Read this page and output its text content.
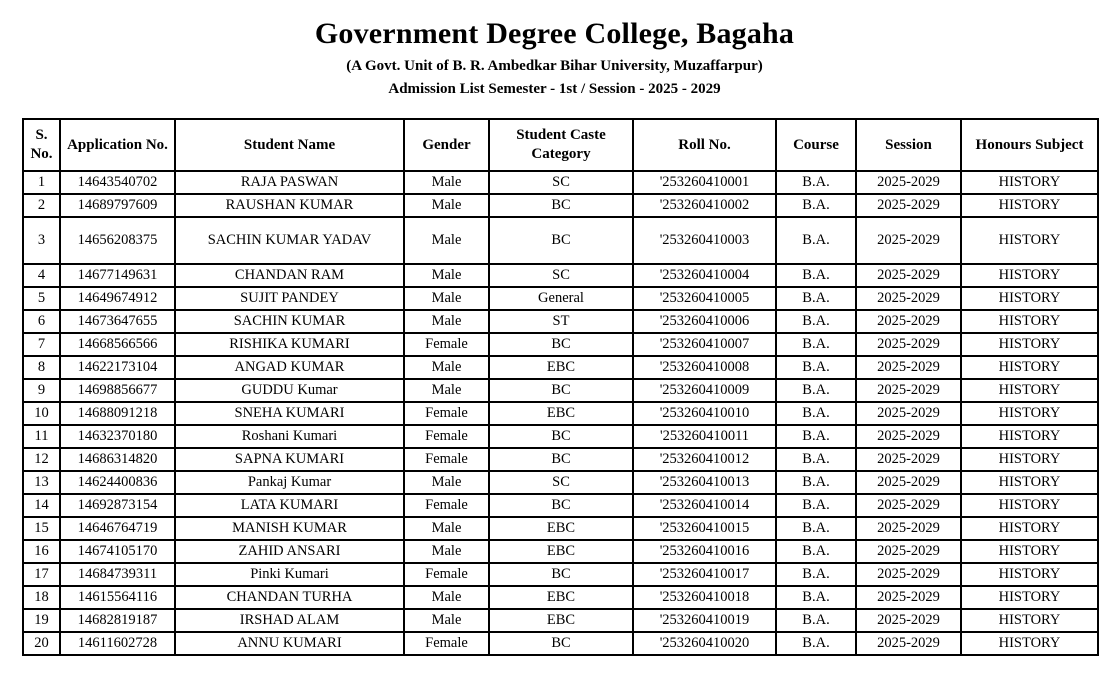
Government Degree College, Bagaha
(A Govt. Unit of B. R. Ambedkar Bihar University, Muzaffarpur)
Admission List Semester - 1st / Session - 2025 - 2029
S. No.	Application No.	Student Name	Gender	Student Caste Category	Roll No.	Course	Session	Honours Subject
1	14643540702	RAJA PASWAN	Male	SC	'253260410001	B.A.	2025-2029	HISTORY
2	14689797609	RAUSHAN KUMAR	Male	BC	'253260410002	B.A.	2025-2029	HISTORY
3	14656208375	SACHIN KUMAR YADAV	Male	BC	'253260410003	B.A.	2025-2029	HISTORY
4	14677149631	CHANDAN RAM	Male	SC	'253260410004	B.A.	2025-2029	HISTORY
5	14649674912	SUJIT PANDEY	Male	General	'253260410005	B.A.	2025-2029	HISTORY
6	14673647655	SACHIN KUMAR	Male	ST	'253260410006	B.A.	2025-2029	HISTORY
7	14668566566	RISHIKA KUMARI	Female	BC	'253260410007	B.A.	2025-2029	HISTORY
8	14622173104	ANGAD KUMAR	Male	EBC	'253260410008	B.A.	2025-2029	HISTORY
9	14698856677	GUDDU Kumar	Male	BC	'253260410009	B.A.	2025-2029	HISTORY
10	14688091218	SNEHA KUMARI	Female	EBC	'253260410010	B.A.	2025-2029	HISTORY
11	14632370180	Roshani Kumari	Female	BC	'253260410011	B.A.	2025-2029	HISTORY
12	14686314820	SAPNA KUMARI	Female	BC	'253260410012	B.A.	2025-2029	HISTORY
13	14624400836	Pankaj Kumar	Male	SC	'253260410013	B.A.	2025-2029	HISTORY
14	14692873154	LATA KUMARI	Female	BC	'253260410014	B.A.	2025-2029	HISTORY
15	14646764719	MANISH KUMAR	Male	EBC	'253260410015	B.A.	2025-2029	HISTORY
16	14674105170	ZAHID ANSARI	Male	EBC	'253260410016	B.A.	2025-2029	HISTORY
17	14684739311	Pinki Kumari	Female	BC	'253260410017	B.A.	2025-2029	HISTORY
18	14615564116	CHANDAN TURHA	Male	EBC	'253260410018	B.A.	2025-2029	HISTORY
19	14682819187	IRSHAD ALAM	Male	EBC	'253260410019	B.A.	2025-2029	HISTORY
20	14611602728	ANNU KUMARI	Female	BC	'253260410020	B.A.	2025-2029	HISTORY
